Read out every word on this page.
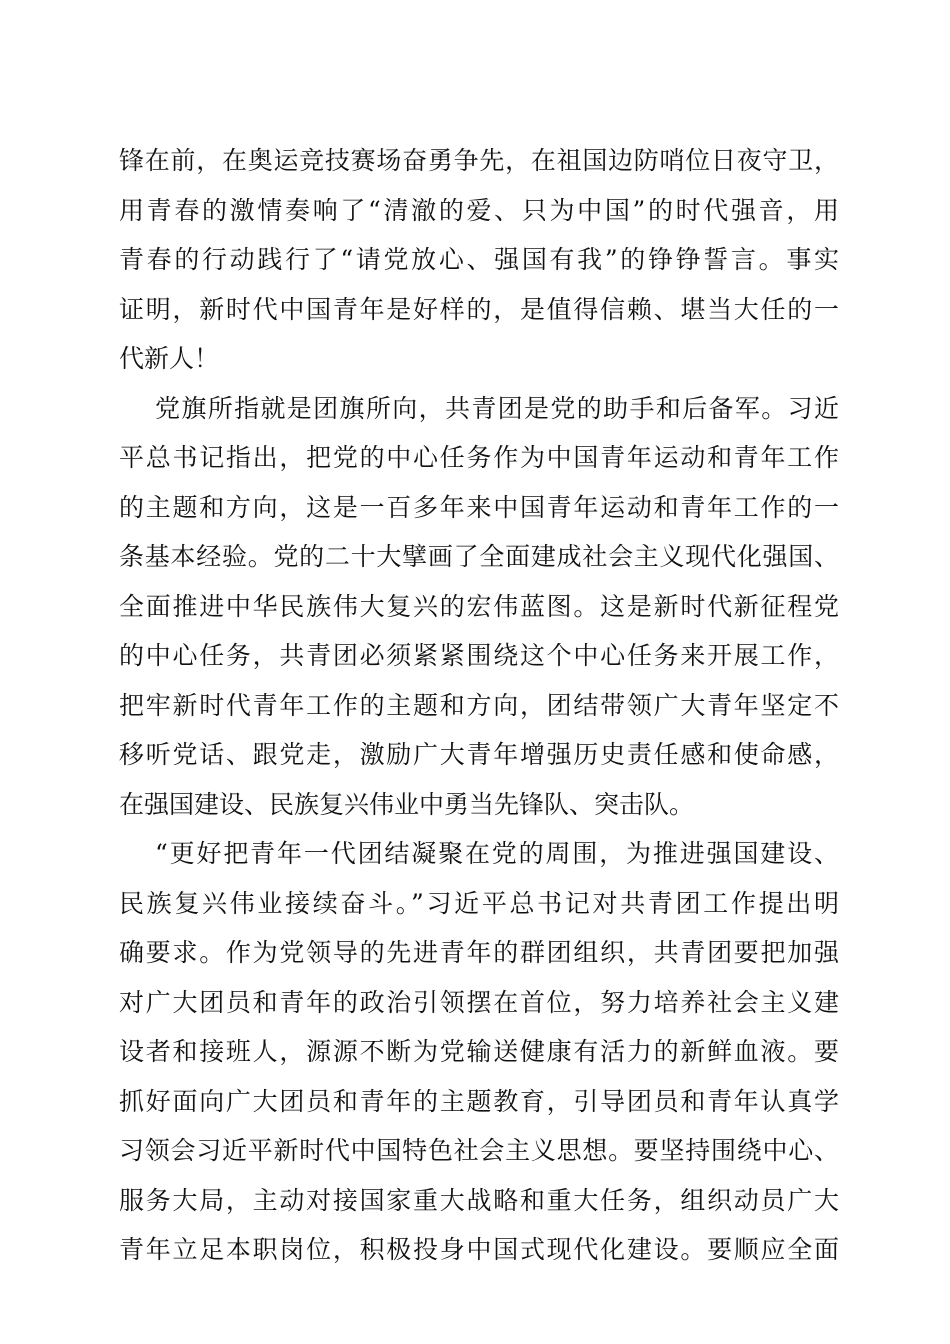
锋在前，在奥运竞技赛场奋勇争先，在祖国边防哨位日夜守卫，
用青春的激情奏响了“清澈的爱、只为中国”的时代强音，用
青春的行动践行了“请党放心、强国有我”的铮铮誓言。事实
证明，新时代中国青年是好样的，是值得信赖、堪当大任的一
代新人！
党旗所指就是团旗所向，共青团是党的助手和后备军。习近
平总书记指出，把党的中心任务作为中国青年运动和青年工作
的主题和方向，这是一百多年来中国青年运动和青年工作的一
条基本经验。党的二十大擘画了全面建成社会主义现代化强国、
全面推进中华民族伟大复兴的宏伟蓝图。这是新时代新征程党
的中心任务，共青团必须紧紧围绕这个中心任务来开展工作，
把牢新时代青年工作的主题和方向，团结带领广大青年坚定不
移听党话、跟党走，激励广大青年增强历史责任感和使命感，
在强国建设、民族复兴伟业中勇当先锋队、突击队。
“更好把青年一代团结凝聚在党的周围，为推进强国建设、
民族复兴伟业接续奋斗。”习近平总书记对共青团工作提出明
确要求。作为党领导的先进青年的群团组织，共青团要把加强
对广大团员和青年的政治引领摆在首位，努力培养社会主义建
设者和接班人，源源不断为党输送健康有活力的新鲜血液。要
抓好面向广大团员和青年的主题教育，引导团员和青年认真学
习领会习近平新时代中国特色社会主义思想。要坚持围绕中心、
服务大局，主动对接国家重大战略和重大任务，组织动员广大
青年立足本职岗位，积极投身中国式现代化建设。要顺应全面
